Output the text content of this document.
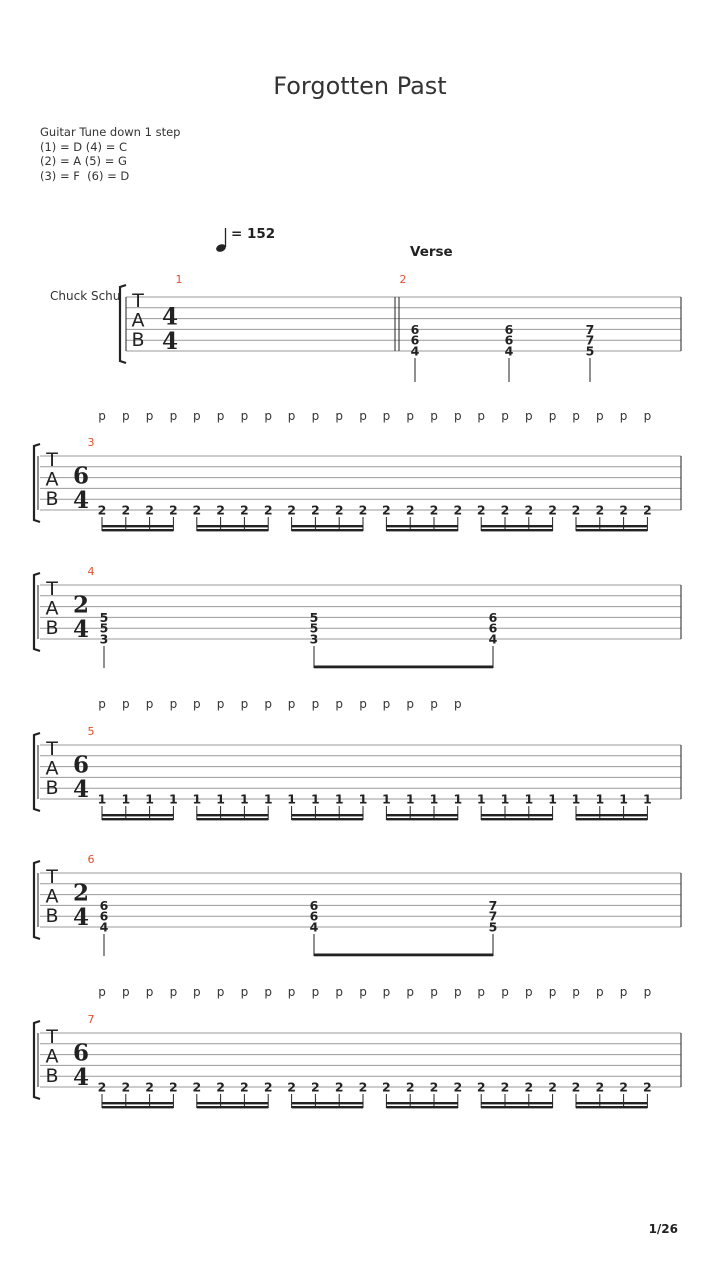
Forgotten Past
Guitar Tune down 1 step
(1) = D (4) = C
(2) = A (5) = G
(3) = F  (6) = D
= 152
Verse
Chuck Schu T
A
B
4
4
1	2
6
6
4
6
6
4
7
7
5
T
A
B
6
4
3
2 2 2 2 2 2 2 2 2 2 2 2 2 2 2 2 2 2 2 2 2 2 2 2
p p p p p p p p p p p p p p p p p p p p p p p p
T
A
B
2
4
4
5
5
3
5
5
3
6
6
4
T
A
B
6
4
5
1 1 1 1 1 1 1 1 1 1 1 1 1 1 1 1 1 1 1 1 1 1 1 1
p p p p p p p p p p p p p p p p
T
A
B
2
4
6
6
6
4
6
6
4
7
7
5
T
A
B
6
4
7
2 2 2 2 2 2 2 2 2 2 2 2 2 2 2 2 2 2 2 2 2 2 2 2
p p p p p p p p p p p p p p p p p p p p p p p p
1/26
